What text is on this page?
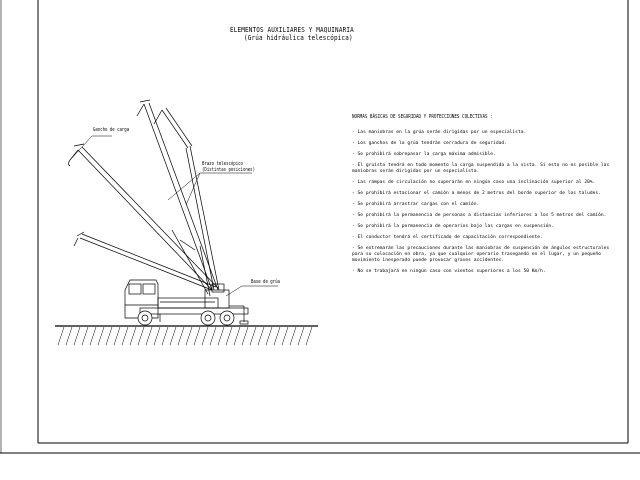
ELEMENTOS AUXILIARES Y MAQUINARIA
(Grúa hidráulica telescópica)
Gancho de carga
Brazo telescópico
(Distintas posiciones)
Base de grúa
NORMAS BÁSICAS DE SEGURIDAD Y PROTECCIONES COLECTIVAS :
- Las maniobras en la grúa serán dirigidas por un especialista.
- Los ganchos de la grúa tendrán cerradura de seguridad.
- Se prohibirá sobrepasar la carga máxima admisible.
- El gruísta tendrá en todo momento la carga suspendida a la vista. Si esto no es posible las maniobras serán dirigidas por un especialista.
- Las rampas de circulación no superarán en ningún caso una inclinación superior al 20%.
- Se prohibirá estacionar el camión a menos de 2 metros del borde superior de los taludes.
- Se prohibirá arrastrar cargas con el camión.
- Se prohibirá la permanencia de personas a distancias inferiores a los 5 metros del camión.
- Se prohibirá la permanencia de operarios bajo las cargas en suspensión.
- El conductor tendrá el certificado de capacitación correspondiente.
- Se extremarán las precauciones durante las maniobras de suspensión de ángulos estructurales para su colocación en obra, ya que cualquier operario trasegando en el lugar, y un pequeño movimiento inesperado puede provocar graves accidentes.
- No se trabajará en ningún caso con vientos superiores a los 50 Km/h.
